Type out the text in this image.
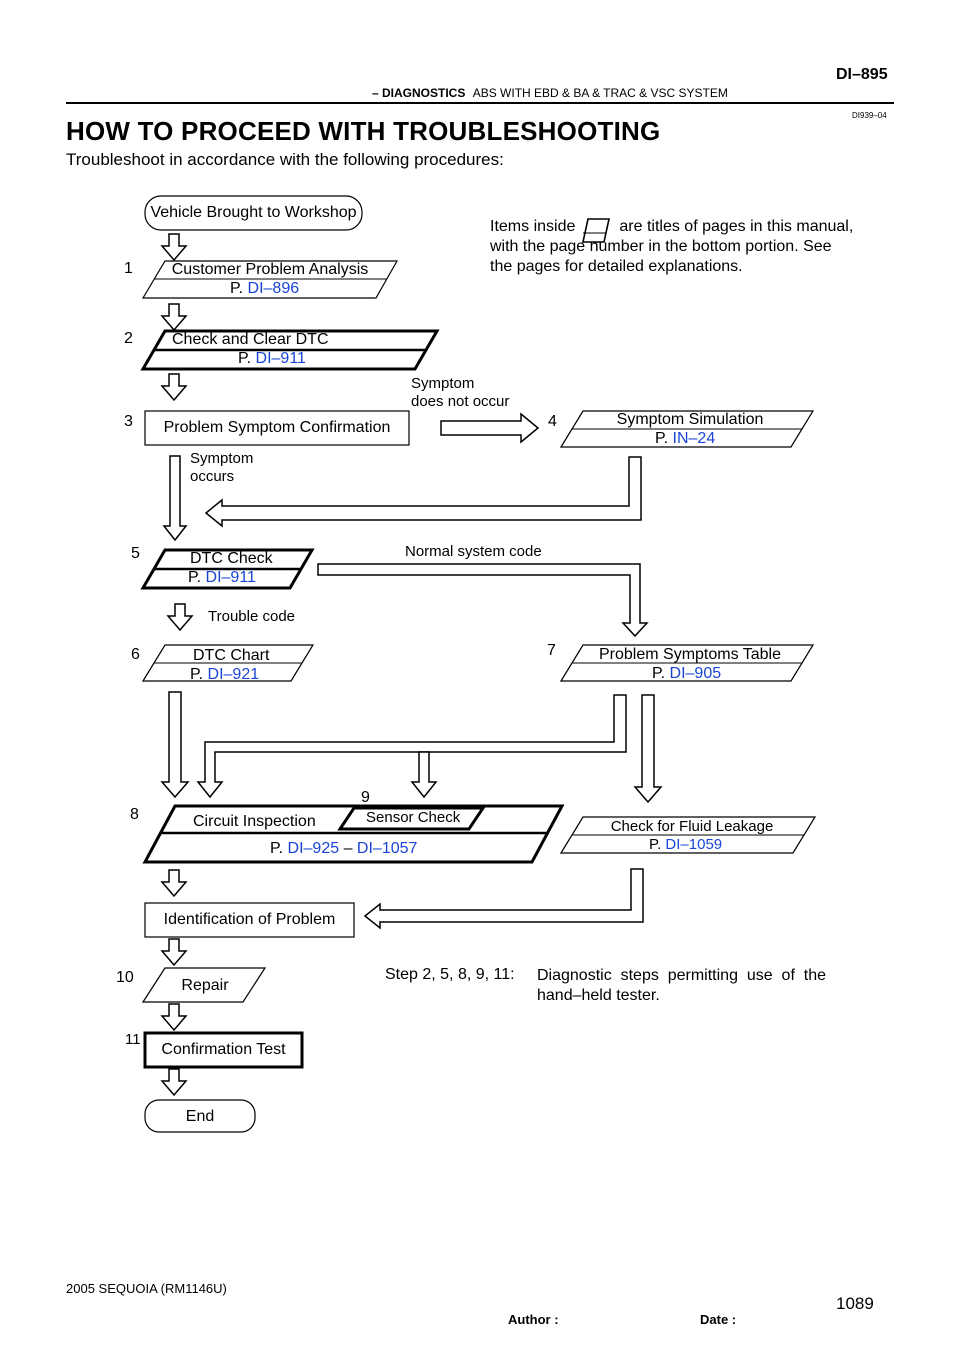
DI–895
– DIAGNOSTICS ABS WITH EBD & BA & TRAC & VSC SYSTEM
DI939–04
HOW TO PROCEED WITH TROUBLESHOOTING
Troubleshoot in accordance with the following procedures:
Vehicle Brought to Workshop
Items inside	are titles of pages in this manual,
with the page number in the bottom portion. See
the pages for detailed explanations.
1	Customer Problem Analysis
P. DI–896
2 Check and Clear DTC
P. DI–911
3	Problem Symptom Confirmation
Symptom
does not occur
4	Symptom Simulation
P. IN–24
Symptom
occurs
5	DTC Check
P. DI–911
Normal system code
Trouble code
6	DTC Chart
P. DI–921
7	Problem Symptoms Table
P. DI–905
8	Circuit Inspection
9
Sensor Check
P. DI–925 – DI–1057
Check for Fluid Leakage
P. DI–1059
Identification of Problem
10	Repair
Step 2, 5, 8, 9, 11: Diagnostic  steps  permitting  use  of  the
hand–held tester.
11
Confirmation Test
End
2005 SEQUOIA (RM1146U)
1089
Author :	Date :
